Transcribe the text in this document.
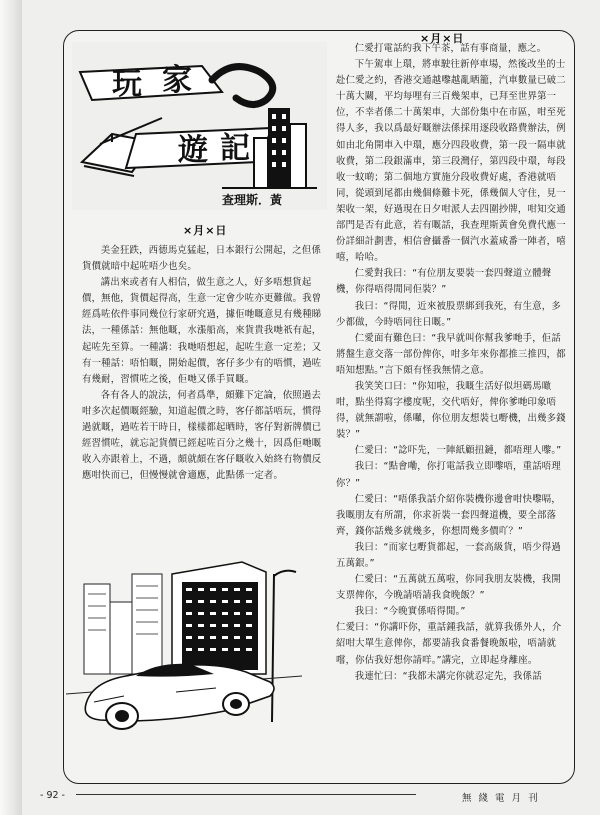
玩 家
遊 記
查理斯．黃
×月×日

美金狂跌，西德馬克猛起，日本銀行公開起，之但係貨價就暗中起咗唔少也矣。

講出來或者有人相信，做生意之人，好多唔想貨起價，無他，貨價起得高，生意一定會少咗亦更難做。我曾經爲咗依件事同幾位行家研究過，據佢哋嘅意見有幾種睇法，一種係話：無他嘅，水漲船高，來貨貴我哋祇有起，起咗先至算。一種講：我哋唔想起，起咗生意一定差；又有一種話：唔怕嘅，開始起價，客仔多少有的唔慣，過咗有幾耐，習慣咗之後，佢哋又係手買嘅。

各有各人的說法，何者爲準，頗難下定論，依照過去咁多次起價嘅經驗，知道起價之時，客仔都話唔玩，慣得過就嘅，過咗若干時日，樣樣都起晒時，客仔對新牌價已經習慣咗，就忘記貨價已經起咗百分之幾十，因爲佢哋嘅收入亦跟着上，不過，頗就頗在客仔嘅收入始終冇物價反應咁快而已，但慢慢就會適應，此點係一定者。

×月×日

仁愛打電話約我下午茶，話有事商量，應之。

下午駕車上環，將車駛往新停車場，然後改坐的士赴仁愛之約，香港交通越嚟越亂晒籠，汽車數量已破二十萬大關，平均每哩有三百幾架車，已拜至世界第一位，不幸者係二十萬架車，大部份集中在市區，咁至死得人多，我以爲最好嘅辦法係採用逐段收路費辦法，例如由北角開車入中環，應分四段收費，第一段一隔車就收費，第二段銀滿車，第三段灣仔，第四段中環，每段收一蚊啲；第二個地方實施分段收費好處，香港就唔同，從頭到尾都由幾個條難卡死，係幾個人守住，見一架收一架，好過現在日夕咁派人去四圍抄牌，咁知交通部門是否有此意，若有嘅話，我查理斯黃會免費代應一份詳細計劃書，相信會攝番一個汽水蓋咸番一陣者，嘻嘻，哈哈。

仁愛對我曰：“有位朋友要裝一套四聲道立體聲機，你得唔得閒同佢裝？”

我曰：“得閒，近來被股票綁到我死，有生意，多少都做，今時唔同往日嘅。”

仁愛面有難色曰：“我早就叫你幫我爹哋手，佢話將盤生意交落一部份俾你，咁多年來你都推三推四，都唔知想點。”言下頗有怪我無情之意。

我笑笑口曰：“你知啦，我嘅生活好似坦碼馬噉咁，點坐得寫字樓度呢，交代唔好，俾你爹哋印象唔得，就無謂啦，係囉，你位朋友想裝乜嘢機，出幾多錢裝？”

仁愛曰：“諗吓先，一陣紙顧扭鏈，都唔理人嚟。”

我曰：“點會嘞，你打電話我立即嚟唔，重話唔理你？”

仁愛曰：“唔係我話介紹你裝機你邊會咁快嚟嗝，我嘅朋友有所謂，你求祈裝一套四聲道機，要全部落齊，錢你話幾多就幾多，你想問幾多價吖？”

我曰：“而家乜嘢貨都起，一套高級貨，唔少得過五萬銀。”

仁愛曰：“五萬就五萬啦，你同我朋友裝機，我開支票俾你，今晚請唔請我食晚飯？”

我曰：“今晚實係唔得閒。”

仁愛曰：“你講吓你，重話鍾我話，就算我係外人，介紹咁大單生意俾你，都要請我食番餐晚飯啦，唔請就嚐，你估我好想你請咩。”講完，立即起身離座。

我連忙曰：“我都未講完你就忍定先，我係話

- 92 -	無 綫 電 月 刊
